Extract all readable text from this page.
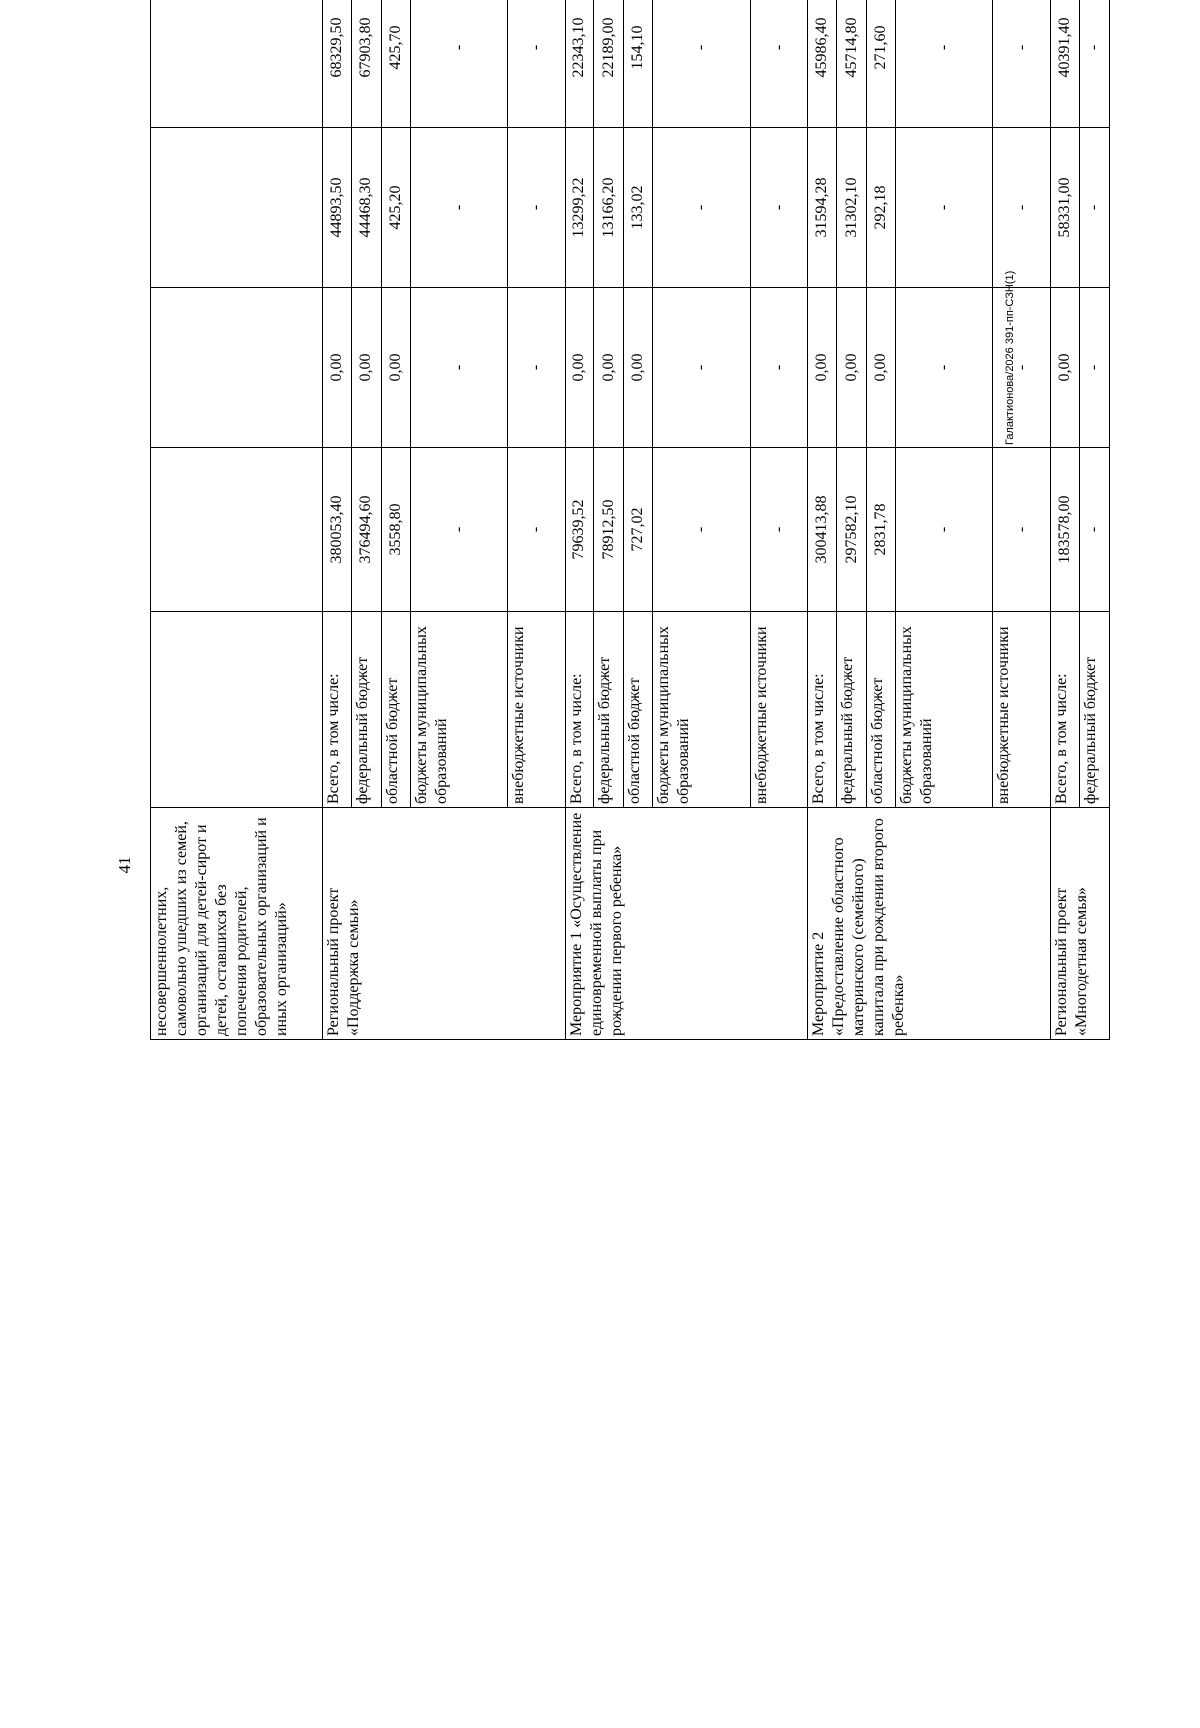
41
Галактионова/2026 391-пп-СЗН(1)
несовершеннолетних, самовольно ушедших из семей, организаций для детей-сирот и детей, оставшихся без попечения родителей, образовательных организаций и иных организаций»								
Региональный проект «Поддержка семьи»	Всего, в том числе:	380053,40	0,00	44893,50	68329,50			
	федеральный бюджет	376494,60	0,00	44468,30	67903,80			
	областной бюджет	3558,80	0,00	425,20	425,70			
	бюджеты муниципальных образований	-	-	-	-			
	внебюджетные источники	-	-	-	-			
Мероприятие 1 «Осуществление единовременной выплаты при рождении первого ребенка»	Всего, в том числе:	79639,52	0,00	13299,22	22343,10			
	федеральный бюджет	78912,50	0,00	13166,20	22189,00			
	областной бюджет	727,02	0,00	133,02	154,10			
	бюджеты муниципальных образований	-	-	-	-			
	внебюджетные источники	-	-	-	-			
Мероприятие 2 «Предоставление областного материнского (семейного) капитала при рождении второго ребенка»	Всего, в том числе:	300413,88	0,00	31594,28	45986,40			
	федеральный бюджет	297582,10	0,00	31302,10	45714,80			
	областной бюджет	2831,78	0,00	292,18	271,60			
	бюджеты муниципальных образований	-	-	-	-			
	внебюджетные источники	-	-	-	-			
Региональный проект «Многодетная семья»	Всего, в том числе:	183578,00	0,00	58331,00	40391,40			
	федеральный бюджет	-	-	-	-			
